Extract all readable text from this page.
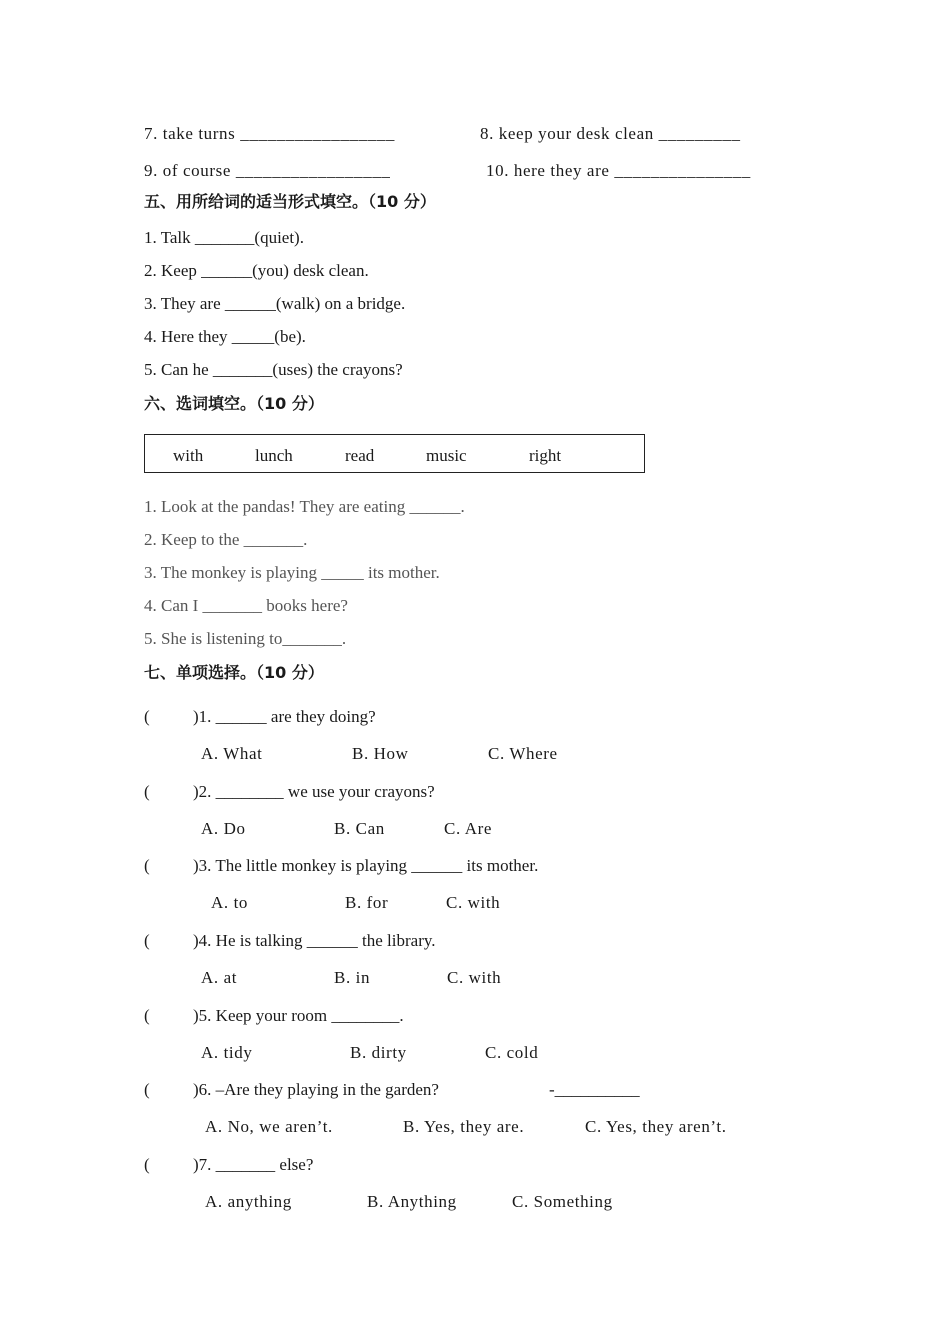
7. take turns _________________	8. keep your desk clean _________
9. of course _________________	10. here they are _______________
五、用所给词的适当形式填空。（10 分）
1. Talk _______(quiet).
2. Keep ______(you) desk clean.
3. They are ______(walk) on a bridge.
4. Here they _____(be).
5. Can he _______(uses) the crayons?
六、选词填空。（10 分）
with	lunch	read	music	right
1. Look at the pandas! They are eating ______.
2. Keep to the _______.
3. The monkey is playing _____ its mother.
4. Can I _______ books here?
5. She is listening to_______.
七、单项选择。（10 分）
(	)1. ______ are they doing?
A. What	B. How	C. Where
(	)2. ________ we use your crayons?
A. Do	B. Can	C. Are
(	)3. The little monkey is playing ______ its mother.
A. to	B. for	C. with
(	)4. He is talking ______ the library.
A. at	B. in	C. with
(	)5. Keep your room ________.
A. tidy	B. dirty	C. cold
(	)6. –Are they playing in the garden?	-__________
A. No, we aren’t.	B. Yes, they are.	C. Yes, they aren’t.
(	)7. _______ else?
A. anything	B. Anything	C. Something
